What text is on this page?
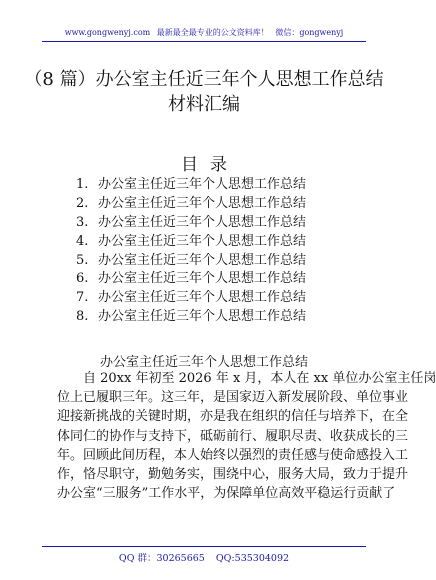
www.gongwenyj.com 最新最全最专业的公文资料库！ 微信：gongwenyj
（8 篇）办公室主任近三年个人思想工作总结材料汇编
目录
1. 办公室主任近三年个人思想工作总结
2. 办公室主任近三年个人思想工作总结
3. 办公室主任近三年个人思想工作总结
4. 办公室主任近三年个人思想工作总结
5. 办公室主任近三年个人思想工作总结
6. 办公室主任近三年个人思想工作总结
7. 办公室主任近三年个人思想工作总结
8. 办公室主任近三年个人思想工作总结
办公室主任近三年个人思想工作总结

　　自 20xx 年初至 2026 年 x 月，本人在 xx 单位办公室主任岗

位上已履职三年。这三年，是国家迈入新发展阶段、单位事业

迎接新挑战的关键时期，亦是我在组织的信任与培养下，在全

体同仁的协作与支持下，砥砺前行、履职尽责、收获成长的三

年。回顾此间历程，本人始终以强烈的责任感与使命感投入工

作，恪尽职守，勤勉务实，围绕中心，服务大局，致力于提升

办公室“三服务”工作水平，为保障单位高效平稳运行贡献了

QQ 群：30265665 QQ:535304092
